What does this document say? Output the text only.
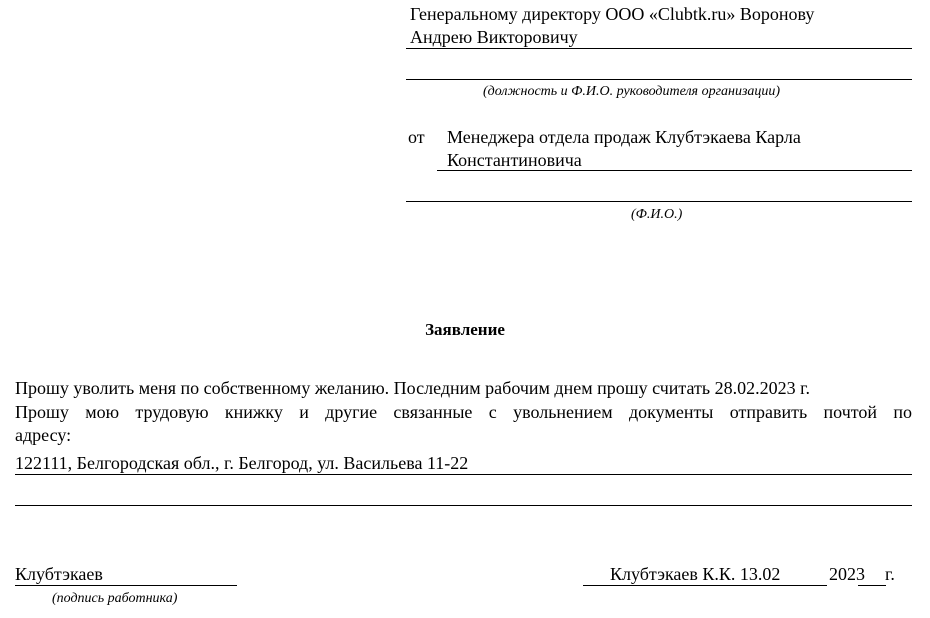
Генеральному директору ООО «Clubtk.ru» Воронову
Андрею Викторовичу
(должность и Ф.И.О. руководителя организации)
от Менеджера отдела продаж Клубтэкаева Карла
Константиновича
(Ф.И.О.)
Заявление
Прошу уволить меня по собственному желанию. Последним рабочим днем прошу считать 28.02.2023 г.
Прошу мою трудовую книжку и другие связанные с увольнением документы отправить почтой по
адресу:
122111, Белгородская обл., г. Белгород, ул. Васильева 11-22
Клубтэкаев
(подпись работника)
Клубтэкаев К.К. 13.02	2023 г.
